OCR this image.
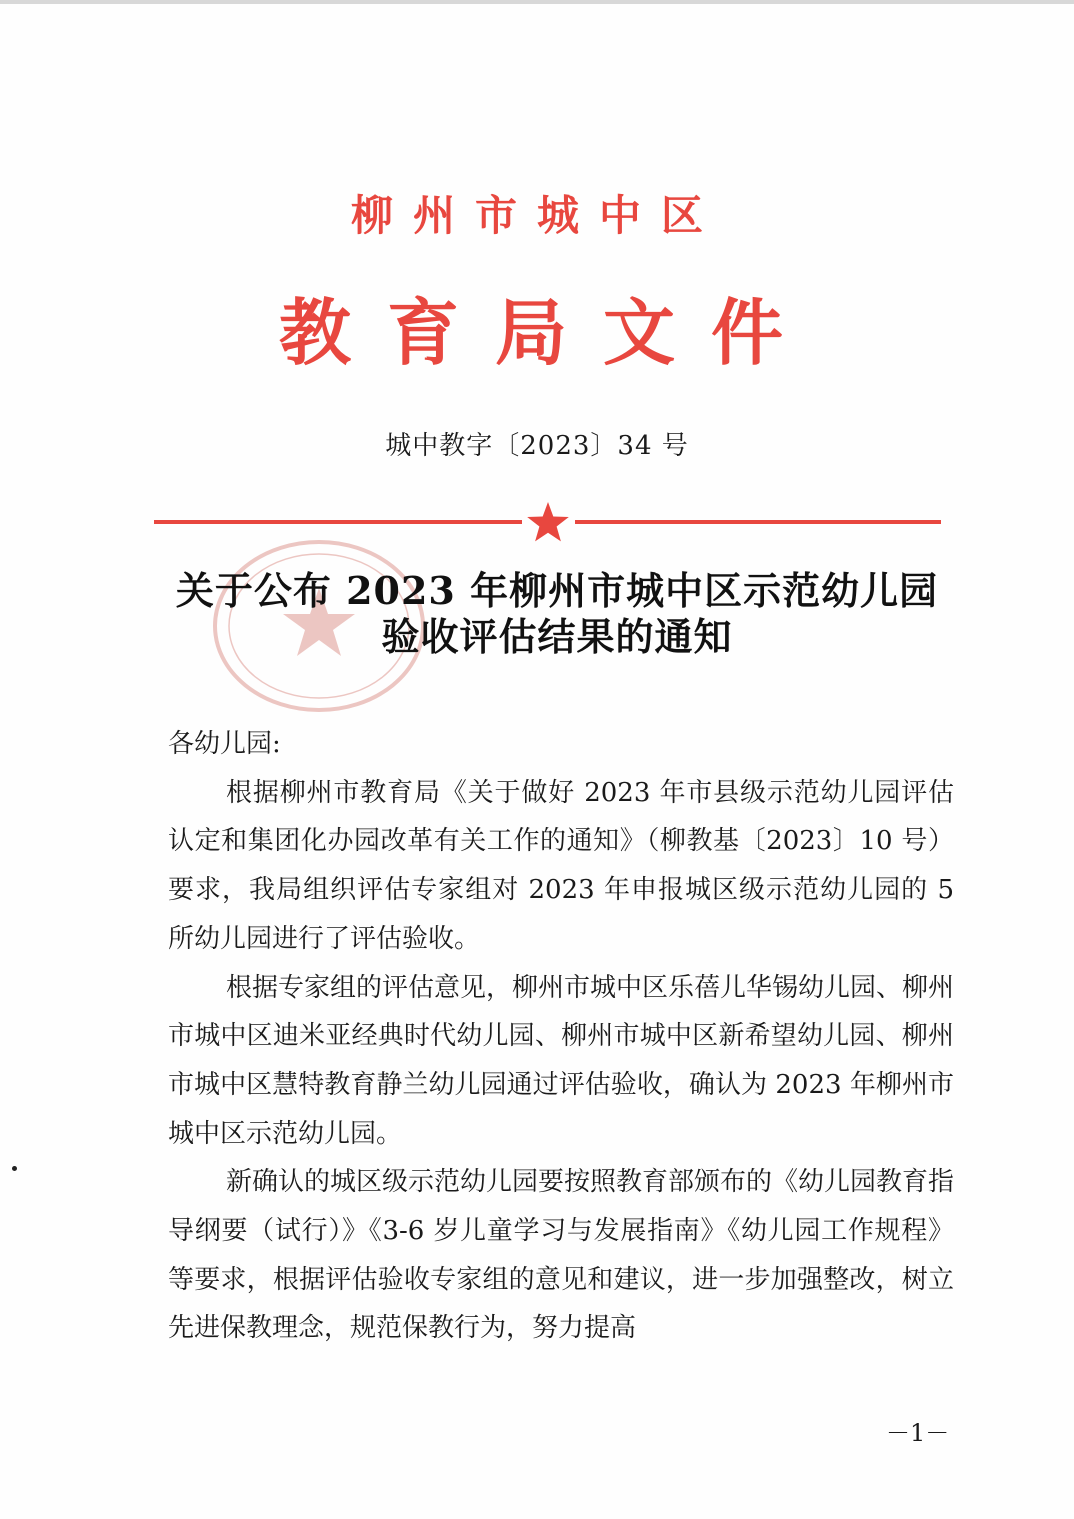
柳州市城中区
教育局文件
城中教字〔2023〕34 号
关于公布 2023 年柳州市城中区示范幼儿园
验收评估结果的通知

各幼儿园:

根据柳州市教育局《关于做好 2023 年市县级示范幼儿园评估认定和集团化办园改革有关工作的通知》（柳教基〔2023〕10 号）要求，我局组织评估专家组对 2023 年申报城区级示范幼儿园的 5 所幼儿园进行了评估验收。

根据专家组的评估意见，柳州市城中区乐蓓儿华锡幼儿园、柳州市城中区迪米亚经典时代幼儿园、柳州市城中区新希望幼儿园、柳州市城中区慧特教育静兰幼儿园通过评估验收，确认为 2023 年柳州市城中区示范幼儿园。

新确认的城区级示范幼儿园要按照教育部颁布的《幼儿园教育指导纲要（试行）》《3-6 岁儿童学习与发展指南》《幼儿园工作规程》等要求，根据评估验收专家组的意见和建议，进一步加强整改，树立先进保教理念，规范保教行为，努力提高

－1－
